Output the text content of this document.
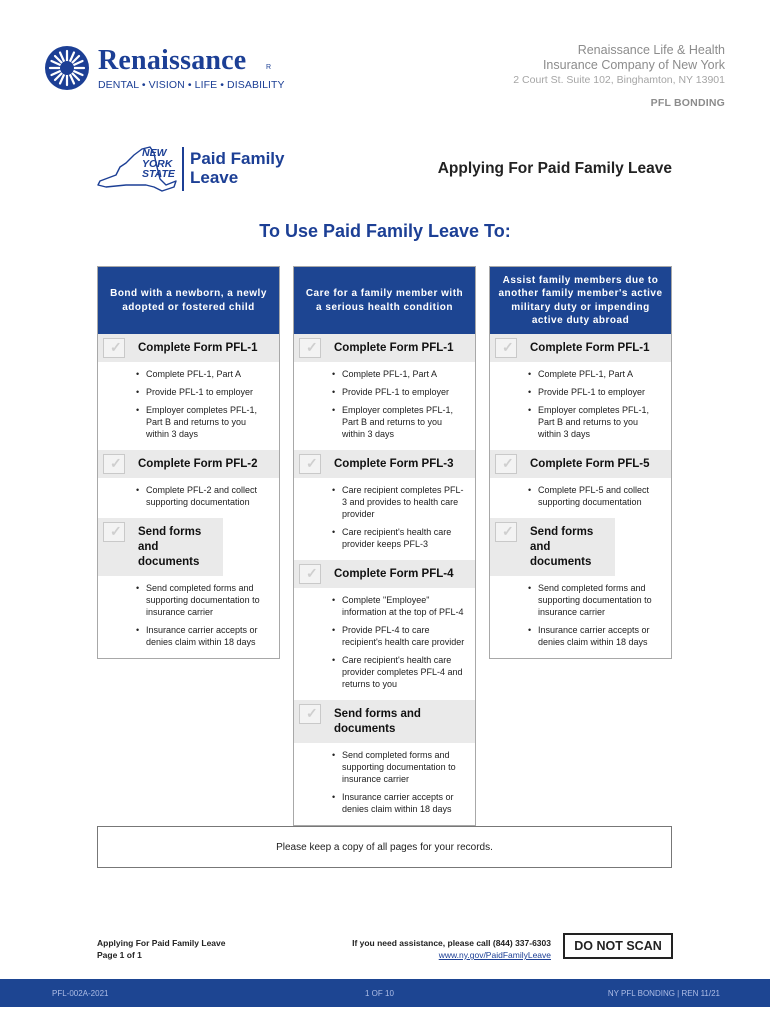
Renaissance	R
DENTAL • VISION • LIFE • DISABILITY
Renaissance Life & Health
Insurance Company of New York
2 Court St. Suite 102, Binghamton, NY 13901
PFL BONDING
NEW
YORK
STATE
Paid Family
Leave	Applying For Paid Family Leave
To Use Paid Family Leave To:
Bond with a newborn, a newly adopted or fostered child
✓ Complete Form PFL-1
• Complete PFL-1, Part A
• Provide PFL-1 to employer
• Employer completes PFL-1, Part B and returns to you within 3 days
✓ Complete Form PFL-2
• Complete PFL-2 and collect supporting documentation
✓ Send forms and documents
• Send completed forms and supporting documentation to insurance carrier
• Insurance carrier accepts or denies claim within 18 days
Care for a family member with a serious health condition
✓ Complete Form PFL-1
• Complete PFL-1, Part A
• Provide PFL-1 to employer
• Employer completes PFL-1, Part B and returns to you within 3 days
✓ Complete Form PFL-3
• Care recipient completes PFL-3 and provides to health care provider
• Care recipient's health care provider keeps PFL-3
✓ Complete Form PFL-4
• Complete "Employee" information at the top of PFL-4
• Provide PFL-4 to care recipient's health care provider
• Care recipient's health care provider completes PFL-4 and returns to you
✓ Send forms and documents
• Send completed forms and supporting documentation to insurance carrier
• Insurance carrier accepts or denies claim within 18 days
Assist family members due to another family member's active military duty or impending active duty abroad
✓ Complete Form PFL-1
• Complete PFL-1, Part A
• Provide PFL-1 to employer
• Employer completes PFL-1, Part B and returns to you within 3 days
✓ Complete Form PFL-5
• Complete PFL-5 and collect supporting documentation
✓ Send forms and documents
• Send completed forms and supporting documentation to insurance carrier
• Insurance carrier accepts or denies claim within 18 days
Please keep a copy of all pages for your records.
Applying For Paid Family Leave
Page 1 of 1
If you need assistance, please call (844) 337-6303
www.ny.gov/PaidFamilyLeave
DO NOT SCAN
PFL-002A-2021	1 OF 10	NY PFL BONDING | REN 11/21
